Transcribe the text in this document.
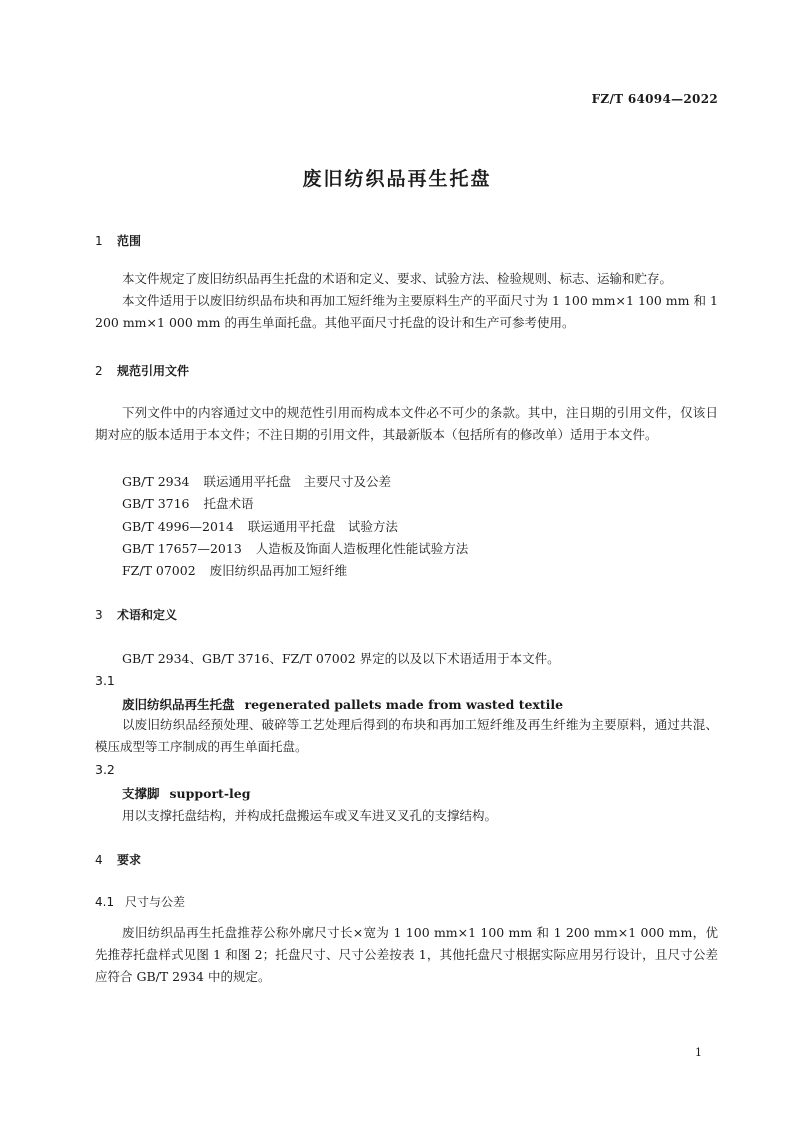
FZ/T 64094—2022
废旧纺织品再生托盘
1 范围

本文件规定了废旧纺织品再生托盘的术语和定义、要求、试验方法、检验规则、标志、运输和贮存。

本文件适用于以废旧纺织品布块和再加工短纤维为主要原料生产的平面尺寸为 1 100 mm×1 100 mm 和 1 200 mm×1 000 mm 的再生单面托盘。其他平面尺寸托盘的设计和生产可参考使用。

2 规范引用文件

下列文件中的内容通过文中的规范性引用而构成本文件必不可少的条款。其中，注日期的引用文件，仅该日期对应的版本适用于本文件；不注日期的引用文件，其最新版本（包括所有的修改单）适用于本文件。

GB/T 2934 联运通用平托盘　主要尺寸及公差
GB/T 3716 托盘术语
GB/T 4996—2014 联运通用平托盘　试验方法
GB/T 17657—2013 人造板及饰面人造板理化性能试验方法
FZ/T 07002 废旧纺织品再加工短纤维
3 术语和定义
GB/T 2934、GB/T 3716、FZ/T 07002 界定的以及以下术语适用于本文件。
3.1
废旧纺织品再生托盘 regenerated pallets made from wasted textile

以废旧纺织品经预处理、破碎等工艺处理后得到的布块和再加工短纤维及再生纤维为主要原料，通过共混、模压成型等工序制成的再生单面托盘。

3.2
支撑脚 support-leg
用以支撑托盘结构，并构成托盘搬运车或叉车进叉叉孔的支撑结构。
4 要求
4.1 尺寸与公差

废旧纺织品再生托盘推荐公称外廓尺寸长×宽为 1 100 mm×1 100 mm 和 1 200 mm×1 000 mm，优先推荐托盘样式见图 1 和图 2；托盘尺寸、尺寸公差按表 1，其他托盘尺寸根据实际应用另行设计，且尺寸公差应符合 GB/T 2934 中的规定。

1
